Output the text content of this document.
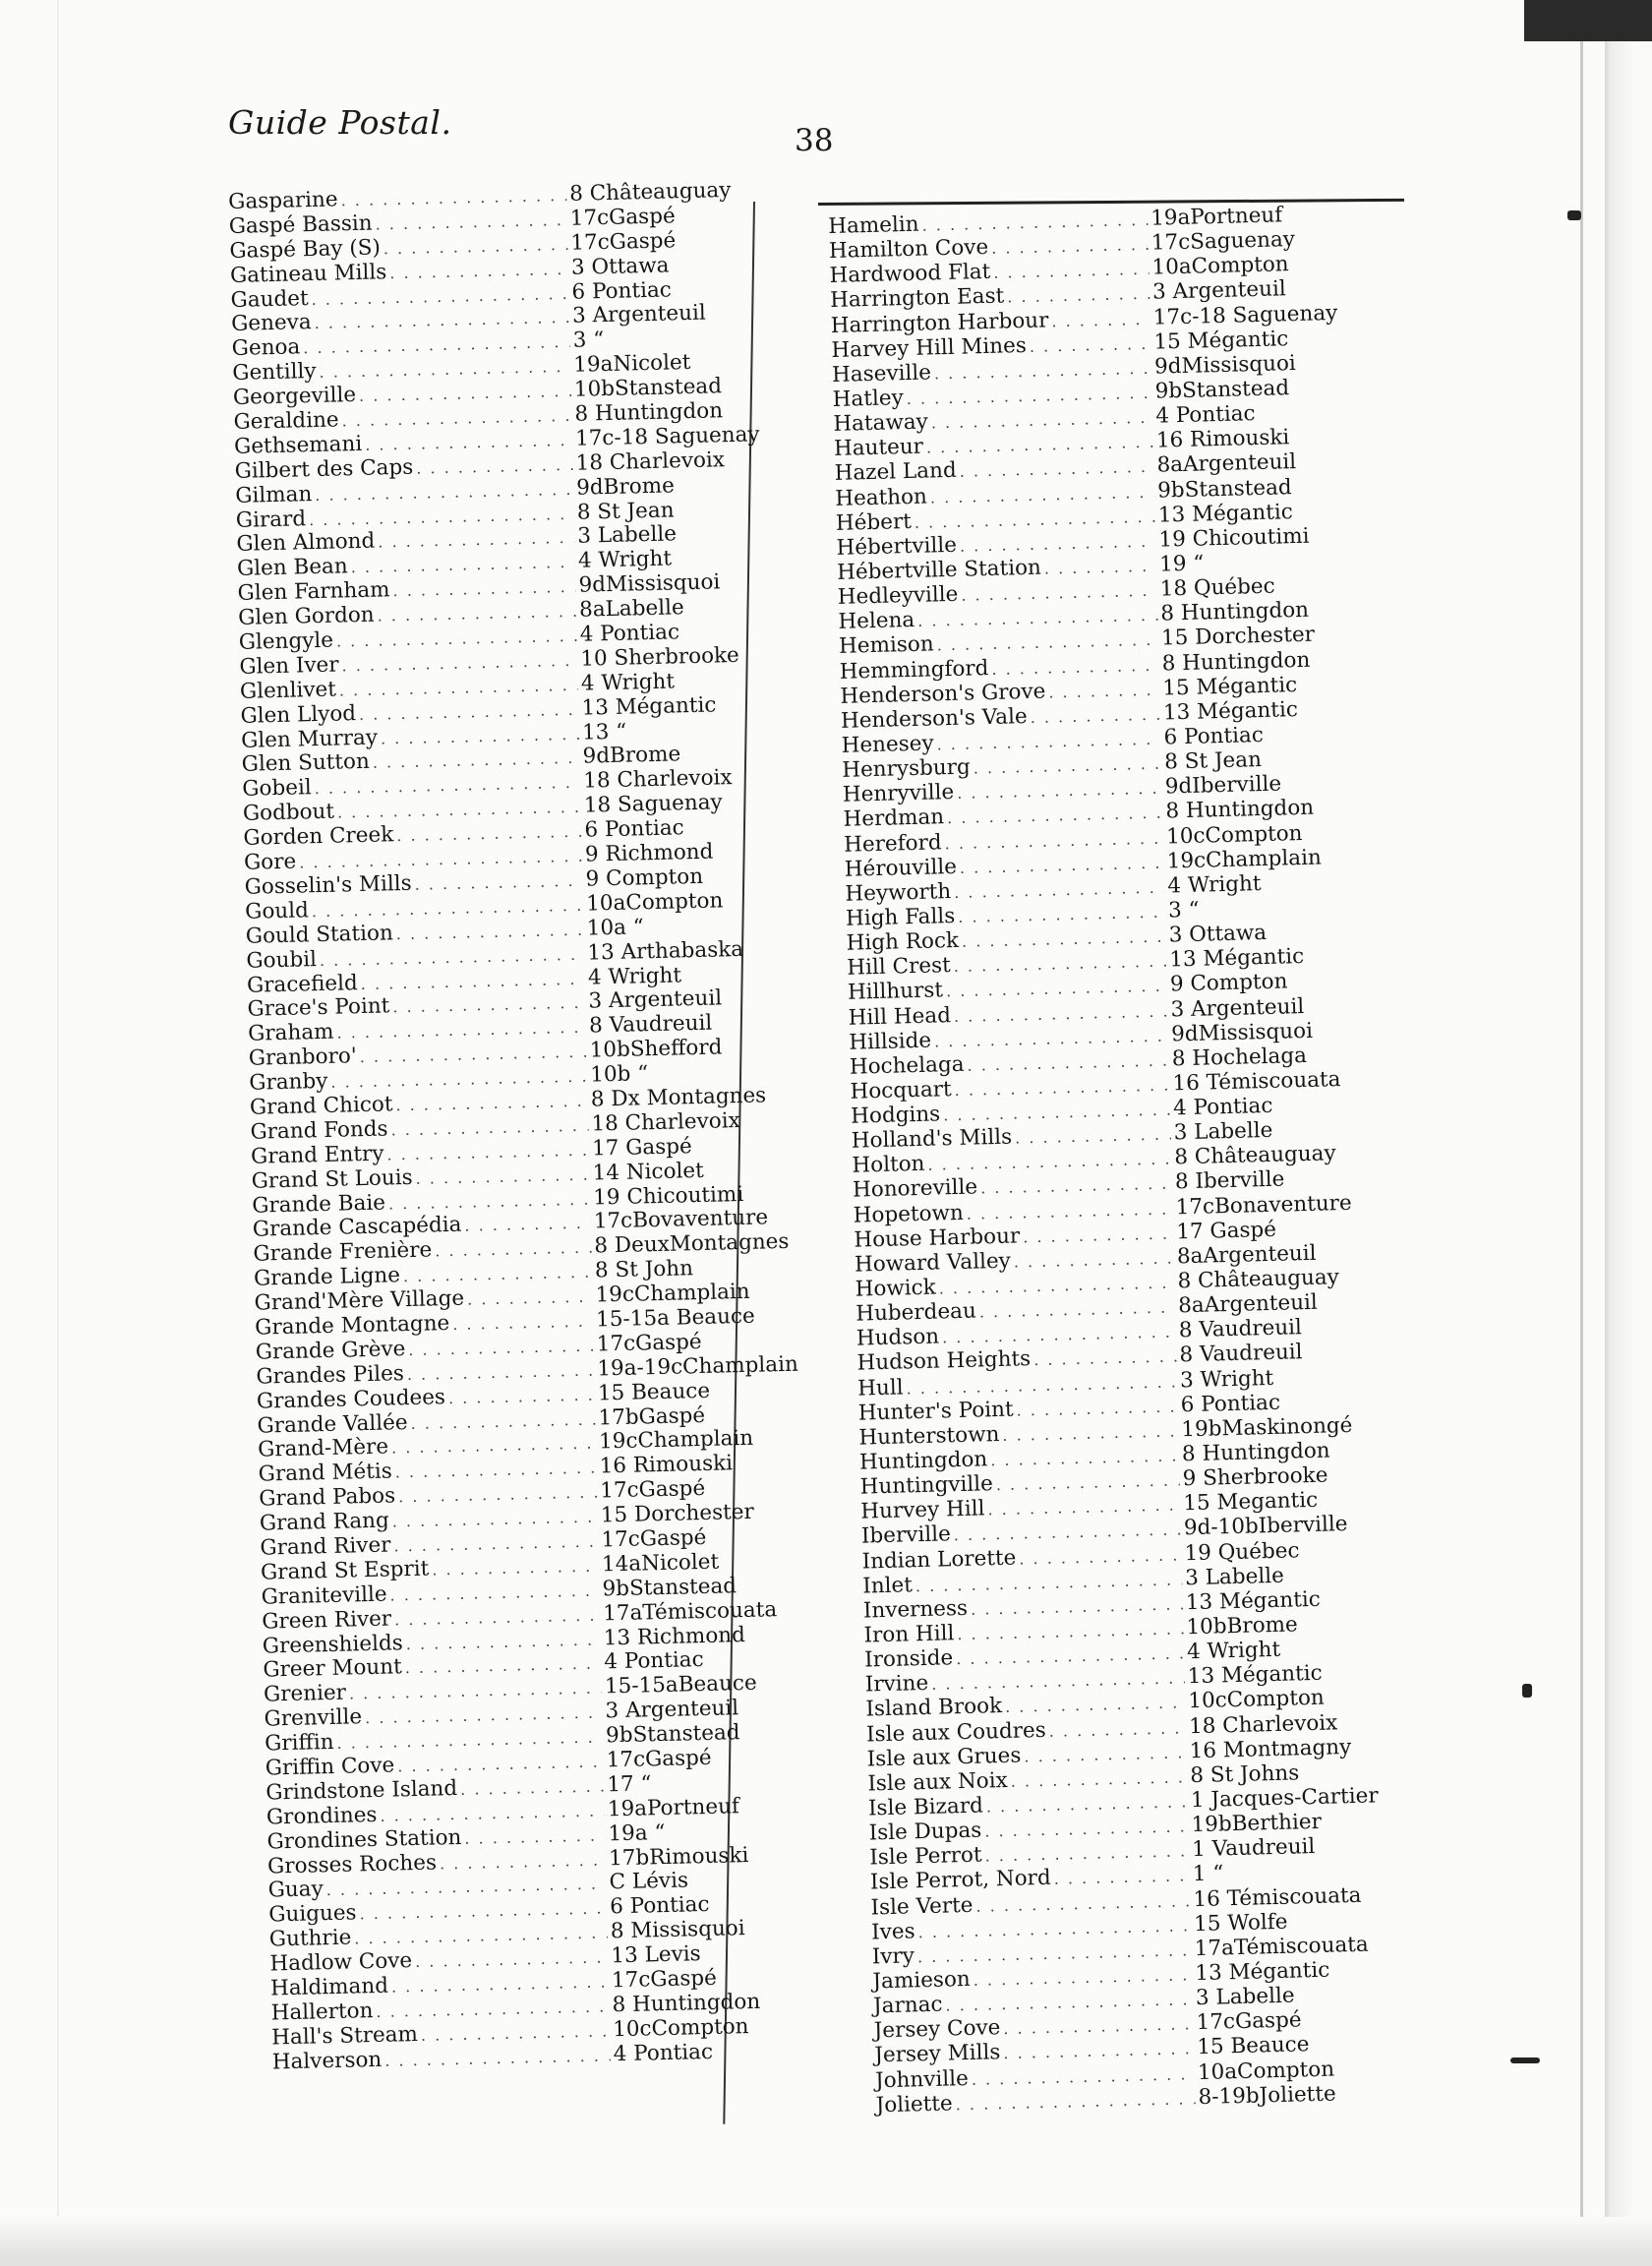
Guide Postal.	38
Gasparine . . .	8 Châteauguay
Gaspé Bassin . . .	17cGaspé
Gaspé Bay (S) . . .	17cGaspé
Gatineau Mills . . .	3 Ottawa
Gaudet . . .	6 Pontiac
Geneva . . .	3 Argenteuil
Genoa . . .	3 “
Gentilly . . .	19aNicolet
Georgeville . . .	10bStanstead
Geraldine . . .	8 Huntingdon
Gethsemani . . .	17c-18 Saguenay
Gilbert des Caps . . .	18 Charlevoix
Gilman . . .	9dBrome
Girard . . .	8 St Jean
Glen Almond . . .	3 Labelle
Glen Bean . . .	4 Wright
Glen Farnham . . .	9dMissisquoi
Glen Gordon . . .	8aLabelle
Glengyle . . .	4 Pontiac
Glen Iver . . .	10 Sherbrooke
Glenlivet . . .	4 Wright
Glen Llyod . . .	13 Mégantic
Glen Murray . . .	13 “
Glen Sutton . . .	9dBrome
Gobeil . . .	18 Charlevoix
Godbout . . .	18 Saguenay
Gorden Creek . . .	6 Pontiac
Gore . . .	9 Richmond
Gosselin's Mills . . .	9 Compton
Gould . . .	10aCompton
Gould Station . . .	10a “
Goubil . . .	13 Arthabaska
Gracefield . . .	4 Wright
Grace's Point . . .	3 Argenteuil
Graham . . .	8 Vaudreuil
Granboro' . . .	10bShefford
Granby . . .	10b “
Grand Chicot . . .	8 Dx Montagnes
Grand Fonds . . .	18 Charlevoix
Grand Entry . . .	17 Gaspé
Grand St Louis . . .	14 Nicolet
Grande Baie . . .	19 Chicoutimi
Grande Cascapédia . . .	17cBovaventure
Grande Frenière . . .	8 DeuxMontagnes
Grande Ligne . . .	8 St John
Grand'Mère Village . . .	19cChamplain
Grande Montagne . . .	15-15a Beauce
Grande Grève . . .	17cGaspé
Grandes Piles . . .	19a-19cChamplain
Grandes Coudees . . .	15 Beauce
Grande Vallée . . .	17bGaspé
Grand-Mère . . .	19cChamplain
Grand Métis . . .	16 Rimouski
Grand Pabos . . .	17cGaspé
Grand Rang . . .	15 Dorchester
Grand River . . .	17cGaspé
Grand St Esprit . . .	14aNicolet
Graniteville . . .	9bStanstead
Green River . . .	17aTémiscouata
Greenshields . . .	13 Richmond
Greer Mount . . .	4 Pontiac
Grenier . . .	15-15aBeauce
Grenville . . .	3 Argenteuil
Griffin . . .	9bStanstead
Griffin Cove . . .	17cGaspé
Grindstone Island . . .	17 “
Grondines . . .	19aPortneuf
Grondines Station . . .	19a “
Grosses Roches . . .	17bRimouski
Guay . . .	C Lévis
Guigues . . .	6 Pontiac
Guthrie . . .	8 Missisquoi
Hadlow Cove . . .	13 Levis
Haldimand . . .	17cGaspé
Hallerton . . .	8 Huntingdon
Hall's Stream . . .	10cCompton
Halverson . . .	4 Pontiac
Hamelin . . .	19aPortneuf
Hamilton Cove . . .	17cSaguenay
Hardwood Flat . . .	10aCompton
Harrington East . . .	3 Argenteuil
Harrington Harbour . . .	17c-18 Saguenay
Harvey Hill Mines . . .	15 Mégantic
Haseville . . .	9dMissisquoi
Hatley . . .	9bStanstead
Hataway . . .	4 Pontiac
Hauteur . . .	16 Rimouski
Hazel Land . . .	8aArgenteuil
Heathon . . .	9bStanstead
Hébert . . .	13 Mégantic
Hébertville . . .	19 Chicoutimi
Hébertville Station . . .	19 “
Hedleyville . . .	18 Québec
Helena . . .	8 Huntingdon
Hemison . . .	15 Dorchester
Hemmingford . . .	8 Huntingdon
Henderson's Grove . . .	15 Mégantic
Henderson's Vale . . .	13 Mégantic
Henesey . . .	6 Pontiac
Henrysburg . . .	8 St Jean
Henryville . . .	9dIberville
Herdman . . .	8 Huntingdon
Hereford . . .	10cCompton
Hérouville . . .	19cChamplain
Heyworth . . .	4 Wright
High Falls . . .	3 “
High Rock . . .	3 Ottawa
Hill Crest . . .	13 Mégantic
Hillhurst . . .	9 Compton
Hill Head . . .	3 Argenteuil
Hillside . . .	9dMissisquoi
Hochelaga . . .	8 Hochelaga
Hocquart . . .	16 Témiscouata
Hodgins . . .	4 Pontiac
Holland's Mills . . .	3 Labelle
Holton . . .	8 Châteauguay
Honoreville . . .	8 Iberville
Hopetown . . .	17cBonaventure
House Harbour . . .	17 Gaspé
Howard Valley . . .	8aArgenteuil
Howick . . .	8 Châteauguay
Huberdeau . . .	8aArgenteuil
Hudson . . .	8 Vaudreuil
Hudson Heights . . .	8 Vaudreuil
Hull . . .	3 Wright
Hunter's Point . . .	6 Pontiac
Hunterstown . . .	19bMaskinongé
Huntingdon . . .	8 Huntingdon
Huntingville . . .	9 Sherbrooke
Hurvey Hill . . .	15 Megantic
Iberville . . .	9d-10bIberville
Indian Lorette . . .	19 Québec
Inlet . . .	3 Labelle
Inverness . . .	13 Mégantic
Iron Hill . . .	10bBrome
Ironside . . .	4 Wright
Irvine . . .	13 Mégantic
Island Brook . . .	10cCompton
Isle aux Coudres . . .	18 Charlevoix
Isle aux Grues . . .	16 Montmagny
Isle aux Noix . . .	8 St Johns
Isle Bizard . . .	1 Jacques-Cartier
Isle Dupas . . .	19bBerthier
Isle Perrot . . .	1 Vaudreuil
Isle Perrot, Nord . . .	1 “
Isle Verte . . .	16 Témiscouata
Ives . . .	15 Wolfe
Ivry . . .	17aTémiscouata
Jamieson . . .	13 Mégantic
Jarnac . . .	3 Labelle
Jersey Cove . . .	17cGaspé
Jersey Mills . . .	15 Beauce
Johnville . . .	10aCompton
Joliette . . .	8-19bJoliette
